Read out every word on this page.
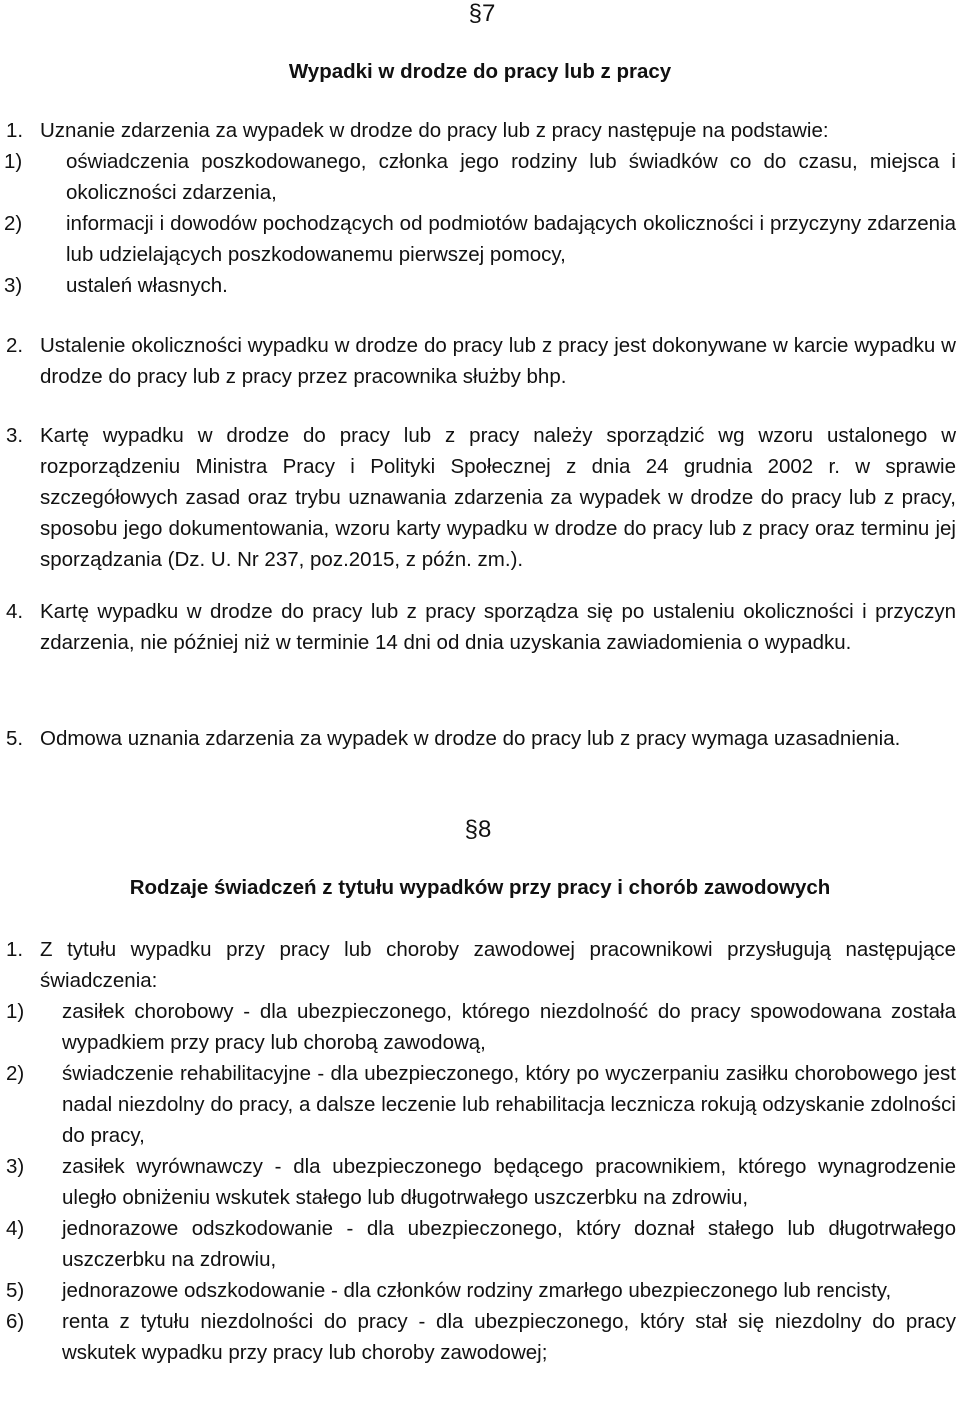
§7
Wypadki w drodze do pracy lub z pracy
1. Uznanie zdarzenia za wypadek w drodze do pracy lub z pracy następuje na podstawie:
1) oświadczenia poszkodowanego, członka jego rodziny lub świadków co do czasu, miejsca i okoliczności zdarzenia,
2) informacji i dowodów pochodzących od podmiotów badających okoliczności i przyczyny zdarzenia lub udzielających poszkodowanemu pierwszej pomocy,
3) ustaleń własnych.
2. Ustalenie okoliczności wypadku w drodze do pracy lub z pracy jest dokonywane w karcie wypadku w drodze do pracy lub z pracy przez pracownika służby bhp.
3. Kartę wypadku w drodze do pracy lub z pracy należy sporządzić wg wzoru ustalonego w rozporządzeniu Ministra Pracy i Polityki Społecznej z dnia 24 grudnia 2002 r. w sprawie szczegółowych zasad oraz trybu uznawania zdarzenia za wypadek w drodze do pracy lub z pracy, sposobu jego dokumentowania, wzoru karty wypadku w drodze do pracy lub z pracy oraz terminu jej sporządzania (Dz. U. Nr 237, poz.2015, z późn. zm.).
4. Kartę wypadku w drodze do pracy lub z pracy sporządza się po ustaleniu okoliczności i przyczyn zdarzenia, nie później niż w terminie 14 dni od dnia uzyskania zawiadomienia o wypadku.
5. Odmowa uznania zdarzenia za wypadek w drodze do pracy lub z pracy wymaga uzasadnienia.
§8
Rodzaje świadczeń z tytułu wypadków przy pracy i chorób zawodowych
1. Z tytułu wypadku przy pracy lub choroby zawodowej pracownikowi przysługują następujące świadczenia:
1) zasiłek chorobowy - dla ubezpieczonego, którego niezdolność do pracy spowodowana została wypadkiem przy pracy lub chorobą zawodową,
2) świadczenie rehabilitacyjne - dla ubezpieczonego, który po wyczerpaniu zasiłku chorobowego jest nadal niezdolny do pracy, a dalsze leczenie lub rehabilitacja lecznicza rokują odzyskanie zdolności do pracy,
3) zasiłek wyrównawczy - dla ubezpieczonego będącego pracownikiem, którego wynagrodzenie uległo obniżeniu wskutek stałego lub długotrwałego uszczerbku na zdrowiu,
4) jednorazowe odszkodowanie - dla ubezpieczonego, który doznał stałego lub długotrwałego uszczerbku na zdrowiu,
5) jednorazowe odszkodowanie - dla członków rodziny zmarłego ubezpieczonego lub rencisty,
6) renta z tytułu niezdolności do pracy - dla ubezpieczonego, który stał się niezdolny do pracy wskutek wypadku przy pracy lub choroby zawodowej;
